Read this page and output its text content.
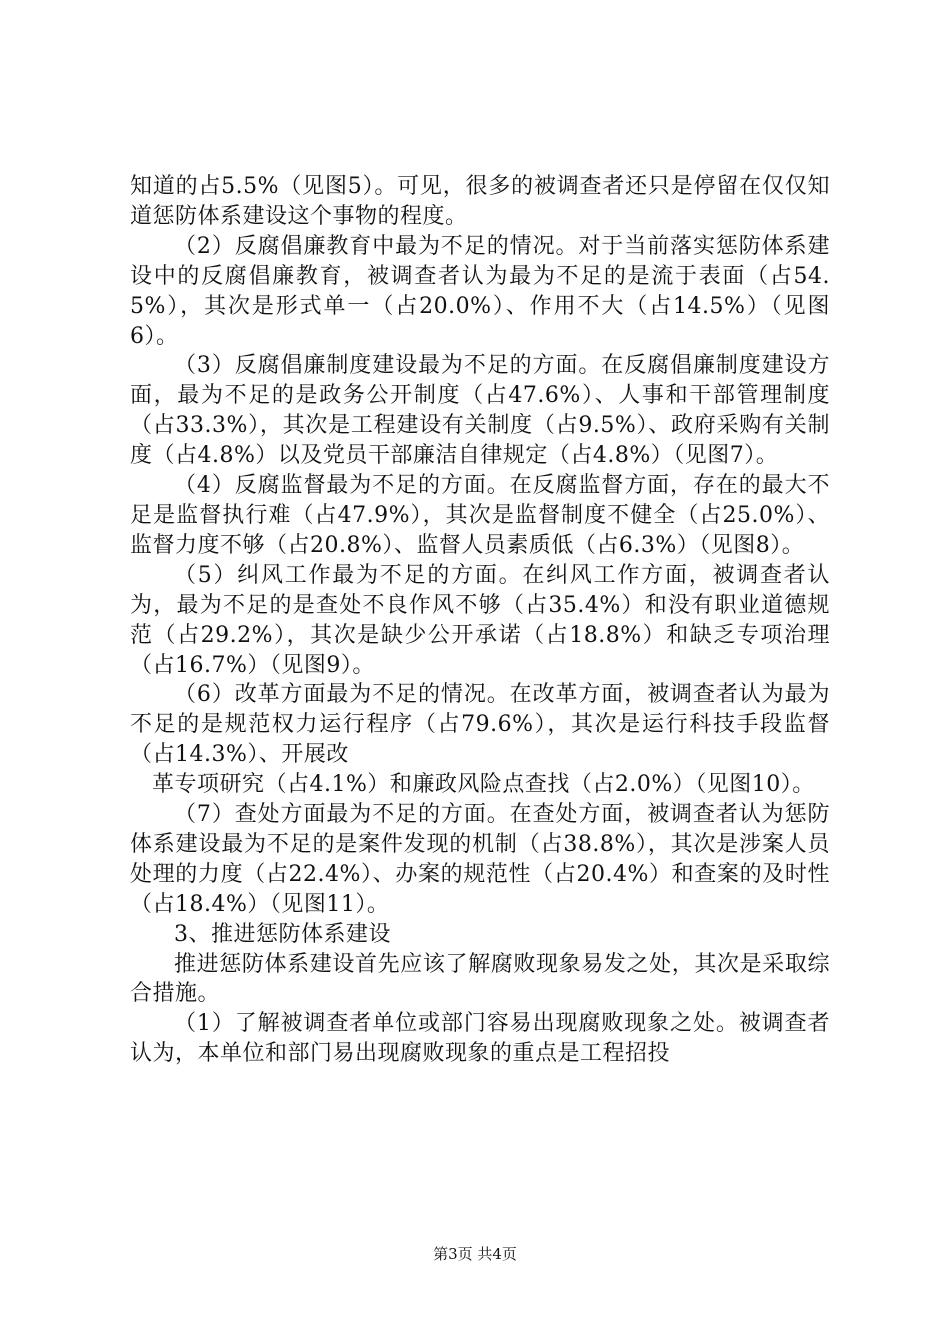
知道的占5.5%（见图5）。可见，很多的被调查者还只是停留在仅仅知道惩防体系建设这个事物的程度。

（2）反腐倡廉教育中最为不足的情况。对于当前落实惩防体系建设中的反腐倡廉教育，被调查者认为最为不足的是流于表面（占54.5%），其次是形式单一（占20.0%）、作用不大（占14.5%）（见图6）。

（3）反腐倡廉制度建设最为不足的方面。在反腐倡廉制度建设方面，最为不足的是政务公开制度（占47.6%）、人事和干部管理制度（占33.3%），其次是工程建设有关制度（占9.5%）、政府采购有关制度（占4.8%）以及党员干部廉洁自律规定（占4.8%）（见图7）。

（4）反腐监督最为不足的方面。在反腐监督方面，存在的最大不足是监督执行难（占47.9%），其次是监督制度不健全（占25.0%）、监督力度不够（占20.8%）、监督人员素质低（占6.3%）（见图8）。

（5）纠风工作最为不足的方面。在纠风工作方面，被调查者认为，最为不足的是查处不良作风不够（占35.4%）和没有职业道德规范（占29.2%），其次是缺少公开承诺（占18.8%）和缺乏专项治理（占16.7%）（见图9）。

（6）改革方面最为不足的情况。在改革方面，被调查者认为最为不足的是规范权力运行程序（占79.6%），其次是运行科技手段监督（占14.3%）、开展改

革专项研究（占4.1%）和廉政风险点查找（占2.0%）（见图10）。

（7）查处方面最为不足的方面。在查处方面，被调查者认为惩防体系建设最为不足的是案件发现的机制（占38.8%），其次是涉案人员处理的力度（占22.4%）、办案的规范性（占20.4%）和查案的及时性（占18.4%）（见图11）。

3、推进惩防体系建设

推进惩防体系建设首先应该了解腐败现象易发之处，其次是采取综合措施。

（1）了解被调查者单位或部门容易出现腐败现象之处。被调查者认为，本单位和部门易出现腐败现象的重点是工程招投

第3页 共4页
